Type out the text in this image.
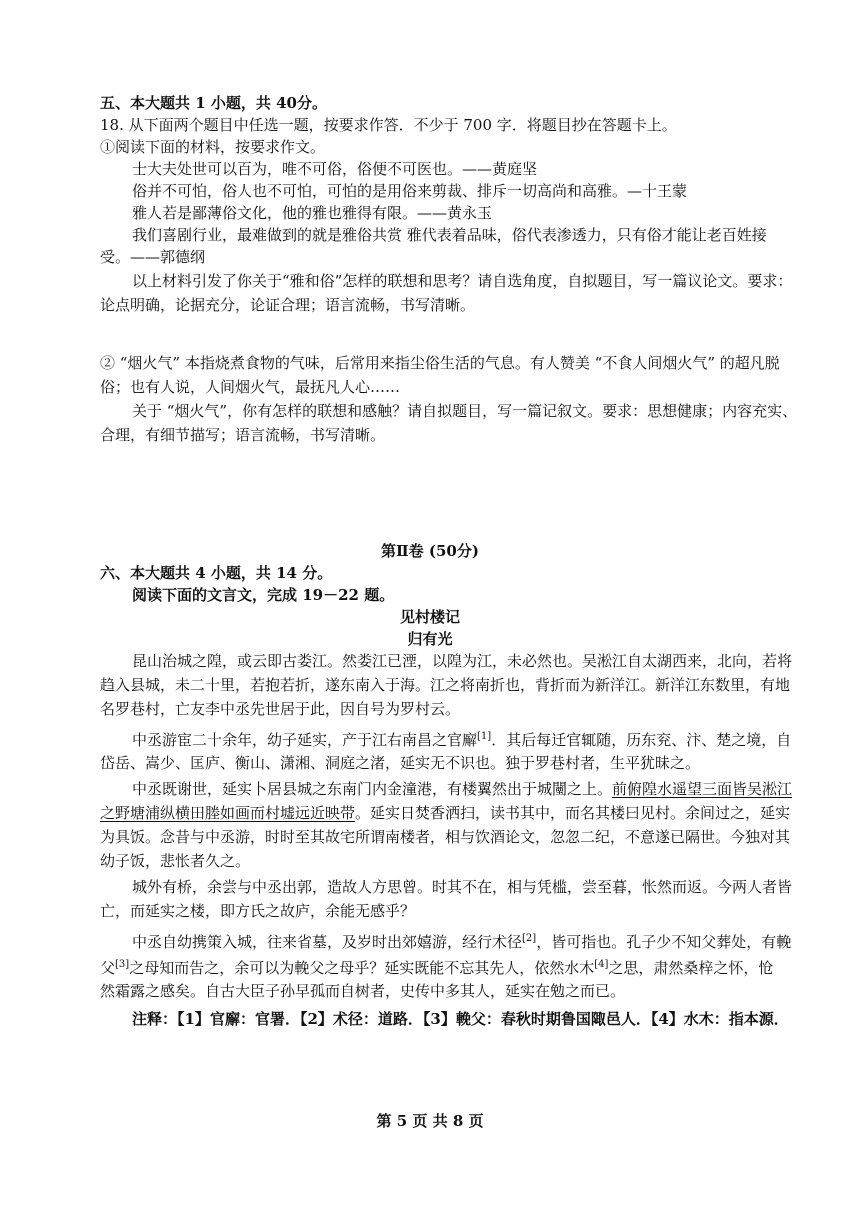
五、本大题共 1 小题，共 40分。
18. 从下面两个题目中任选一题，按要求作答．不少于 700 字．将题目抄在答题卡上。
①阅读下面的材料，按要求作文。
士大夫处世可以百为，唯不可俗，俗便不可医也。——黄庭坚
俗并不可怕，俗人也不可怕，可怕的是用俗来剪裁、排斥一切高尚和高雅。—十王蒙
雅人若是鄙薄俗文化，他的雅也雅得有限。——黄永玉
我们喜剧行业，最难做到的就是雅俗共赏 雅代表着品味，俗代表渗透力，只有俗才能让老百姓接
受。——郭德纲
以上材料引发了你关于“雅和俗”怎样的联想和思考？请自选角度，自拟题目，写一篇议论文。要求：
论点明确，论据充分，论证合理；语言流畅，书写清晰。
② “烟火气” 本指烧煮食物的气味，后常用来指尘俗生活的气息。有人赞美 “不食人间烟火气” 的超凡脱
俗；也有人说，人间烟火气，最抚凡人心……
关于 “烟火气”，你有怎样的联想和感触？请自拟题目，写一篇记叙文。要求：思想健康；内容充实、
合理，有细节描写；语言流畅，书写清晰。
第Ⅱ卷 (50分)
六、本大题共 4 小题，共 14 分。
阅读下面的文言文，完成 19－22 题。
见村楼记
归有光
昆山治城之隍，或云即古娄江。然娄江已湮，以隍为江，未必然也。吴淞江自太湖西来，北向，若将
趋入县城，未二十里，若抱若折，遂东南入于海。江之将南折也，背折而为新洋江。新洋江东数里，有地
名罗巷村，亡友李中丞先世居于此，因自号为罗村云。
中丞游宦二十余年，幼子延实，产于江右南昌之官廨[1]．其后每迁官辄随，历东兖、汴、楚之境，自
岱岳、嵩少、匡庐、衡山、潇湘、洞庭之渚，延实无不识也。独于罗巷村者，生平犹昧之。
中丞既谢世，延实卜居县城之东南门内金潼港，有楼翼然出于城闉之上。前俯隍水遥望三面皆吴淞江
之野塘浦纵横田塍如画而村墟远近映带。延实日焚香洒扫，读书其中，而名其楼曰见村。余间过之，延实
为具饭。念昔与中丞游，时时至其故宅所谓南楼者，相与饮酒论文，忽忽二纪，不意遂已隔世。今独对其
幼子饭，悲怅者久之。
城外有桥，余尝与中丞出郭，造故人方思曾。时其不在，相与凭槛，尝至暮，怅然而返。今两人者皆
亡，而延实之楼，即方氏之故庐，余能无感乎？
中丞自幼携策入城，往来省墓，及岁时出郊嬉游，经行术径[2]，皆可指也。孔子少不知父葬处，有輓
父[3]之母知而告之，余可以为輓父之母乎？延实既能不忘其先人，依然水木[4]之思，肃然桑梓之怀，怆
然霜露之感矣。自古大臣子孙早孤而自树者，史传中多其人，延实在勉之而已。
注释：【1】官廨：官署．【2】术径：道路．【3】輓父：春秋时期鲁国陬邑人．【4】水木：指本源．
第 5 页 共 8 页
